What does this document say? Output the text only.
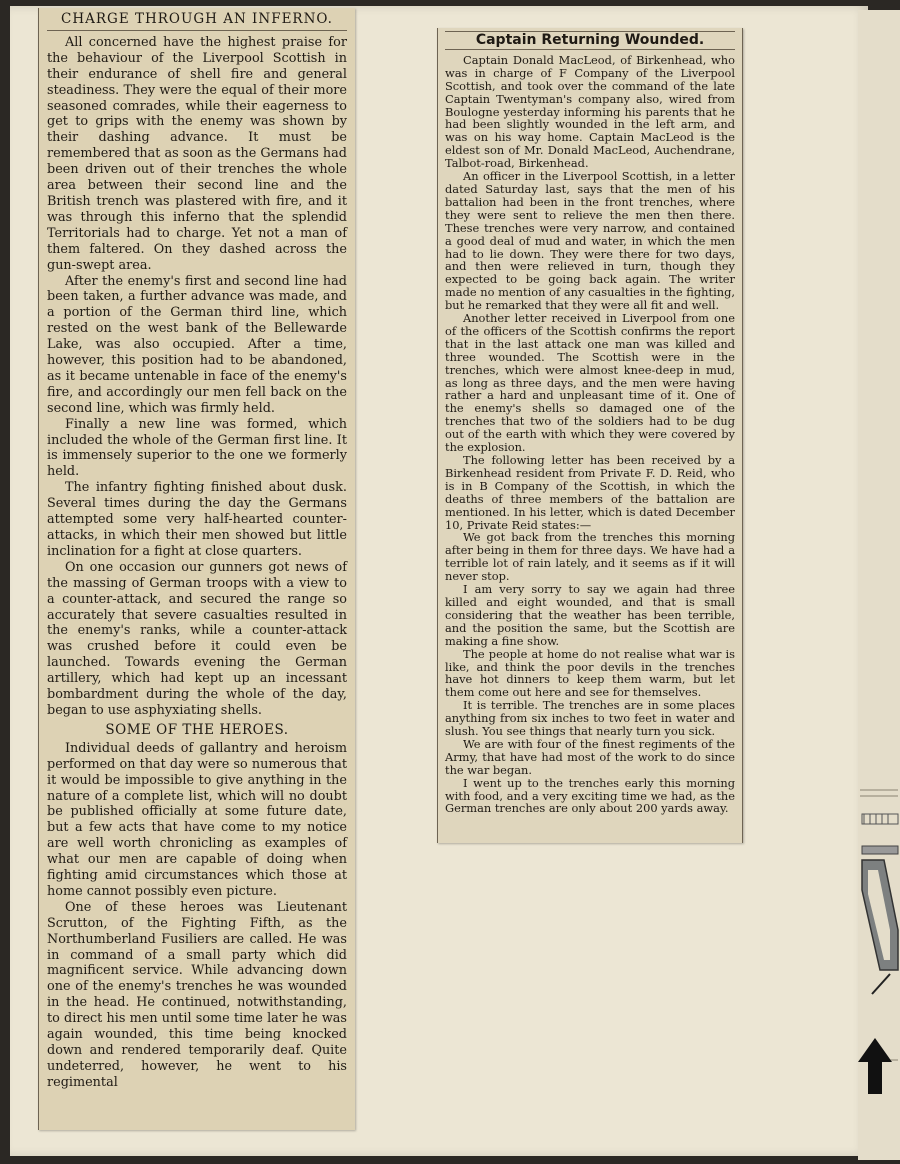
CHARGE THROUGH AN INFERNO.

All concerned have the highest praise for the behaviour of the Liverpool Scottish in their endurance of shell fire and general steadiness. They were the equal of their more seasoned comrades, while their eagerness to get to grips with the enemy was shown by their dashing advance. It must be remembered that as soon as the Germans had been driven out of their trenches the whole area between their second line and the British trench was plastered with fire, and it was through this inferno that the splendid Territorials had to charge. Yet not a man of them faltered. On they dashed across the gun-swept area.

After the enemy's first and second line had been taken, a further advance was made, and a portion of the German third line, which rested on the west bank of the Bellewarde Lake, was also occupied. After a time, however, this position had to be abandoned, as it became untenable in face of the enemy's fire, and accordingly our men fell back on the second line, which was firmly held.

Finally a new line was formed, which included the whole of the German first line. It is immensely superior to the one we formerly held.

The infantry fighting finished about dusk. Several times during the day the Germans attempted some very half-hearted counter-attacks, in which their men showed but little inclination for a fight at close quarters.

On one occasion our gunners got news of the massing of German troops with a view to a counter-attack, and secured the range so accurately that severe casualties resulted in the enemy's ranks, while a counter-attack was crushed before it could even be launched. Towards evening the German artillery, which had kept up an incessant bombardment during the whole of the day, began to use asphyxiating shells.

SOME OF THE HEROES.

Individual deeds of gallantry and heroism performed on that day were so numerous that it would be impossible to give anything in the nature of a complete list, which will no doubt be published officially at some future date, but a few acts that have come to my notice are well worth chronicling as examples of what our men are capable of doing when fighting amid circumstances which those at home cannot possibly even picture.

One of these heroes was Lieutenant Scrutton, of the Fighting Fifth, as the Northumberland Fusiliers are called. He was in command of a small party which did magnificent service. While advancing down one of the enemy's trenches he was wounded in the head. He continued, notwithstanding, to direct his men until some time later he was again wounded, this time being knocked down and rendered temporarily deaf. Quite undeterred, however, he went to his regimental

Captain Returning Wounded.

Captain Donald MacLeod, of Birkenhead, who was in charge of F Company of the Liverpool Scottish, and took over the command of the late Captain Twentyman's company also, wired from Boulogne yesterday informing his parents that he had been slightly wounded in the left arm, and was on his way home. Captain MacLeod is the eldest son of Mr. Donald MacLeod, Auchendrane, Talbot-road, Birkenhead.

An officer in the Liverpool Scottish, in a letter dated Saturday last, says that the men of his battalion had been in the front trenches, where they were sent to relieve the men then there. These trenches were very narrow, and contained a good deal of mud and water, in which the men had to lie down. They were there for two days, and then were relieved in turn, though they expected to be going back again. The writer made no mention of any casualties in the fighting, but he remarked that they were all fit and well.

Another letter received in Liverpool from one of the officers of the Scottish confirms the report that in the last attack one man was killed and three wounded. The Scottish were in the trenches, which were almost knee-deep in mud, as long as three days, and the men were having rather a hard and unpleasant time of it. One of the enemy's shells so damaged one of the trenches that two of the soldiers had to be dug out of the earth with which they were covered by the explosion.

The following letter has been received by a Birkenhead resident from Private F. D. Reid, who is in B Company of the Scottish, in which the deaths of three members of the battalion are mentioned. In his letter, which is dated December 10, Private Reid states:—

We got back from the trenches this morning after being in them for three days. We have had a terrible lot of rain lately, and it seems as if it will never stop.

I am very sorry to say we again had three killed and eight wounded, and that is small considering that the weather has been terrible, and the position the same, but the Scottish are making a fine show.

The people at home do not realise what war is like, and think the poor devils in the trenches have hot dinners to keep them warm, but let them come out here and see for themselves.

It is terrible. The trenches are in some places anything from six inches to two feet in water and slush. You see things that nearly turn you sick.

We are with four of the finest regiments of the Army, that have had most of the work to do since the war began.

I went up to the trenches early this morning with food, and a very exciting time we had, as the German trenches are only about 200 yards away.
